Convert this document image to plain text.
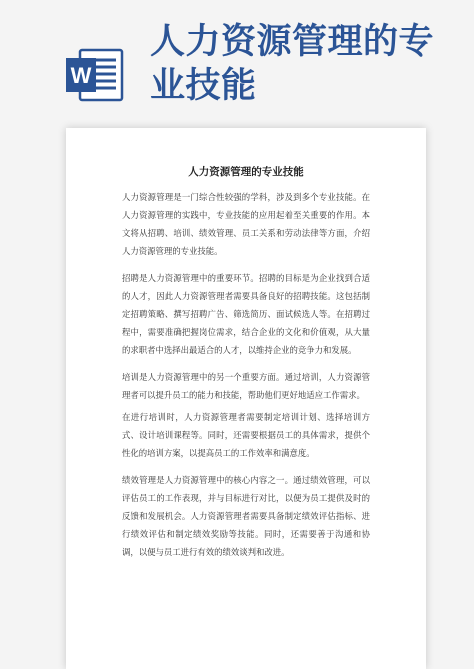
W
人力资源管理的专业技能
人力资源管理的专业技能

人力资源管理是一门综合性较强的学科，涉及到多个专业技能。在人力资源管理的实践中，专业技能的应用起着至关重要的作用。本文将从招聘、培训、绩效管理、员工关系和劳动法律等方面，介绍人力资源管理的专业技能。

招聘是人力资源管理中的重要环节。招聘的目标是为企业找到合适的人才，因此人力资源管理者需要具备良好的招聘技能。这包括制定招聘策略、撰写招聘广告、筛选简历、面试候选人等。在招聘过程中，需要准确把握岗位需求，结合企业的文化和价值观，从大量的求职者中选择出最适合的人才，以维持企业的竞争力和发展。

培训是人力资源管理中的另一个重要方面。通过培训，人力资源管理者可以提升员工的能力和技能，帮助他们更好地适应工作需求。

在进行培训时，人力资源管理者需要制定培训计划、选择培训方式、设计培训课程等。同时，还需要根据员工的具体需求，提供个性化的培训方案，以提高员工的工作效率和满意度。

绩效管理是人力资源管理中的核心内容之一。通过绩效管理，可以评估员工的工作表现，并与目标进行对比，以便为员工提供及时的反馈和发展机会。人力资源管理者需要具备制定绩效评估指标、进行绩效评估和制定绩效奖励等技能。同时，还需要善于沟通和协调，以便与员工进行有效的绩效谈判和改进。
